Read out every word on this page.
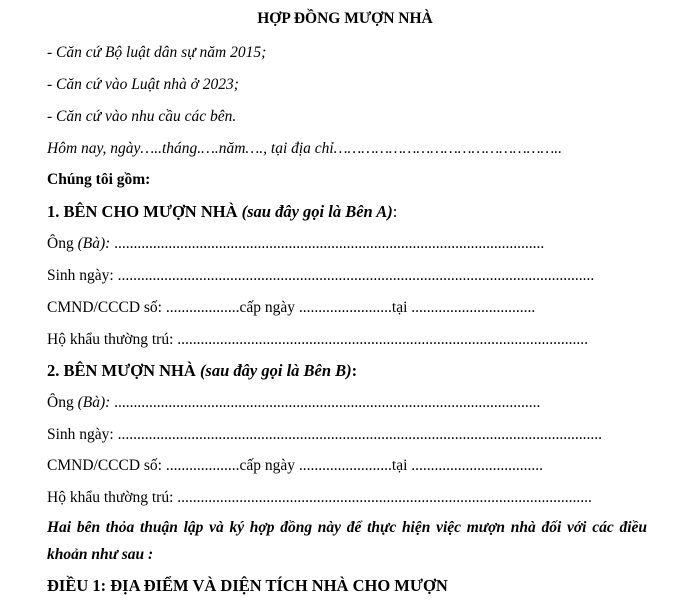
HỢP ĐỒNG MƯỢN NHÀ
- Căn cứ Bộ luật dân sự năm 2015;
- Căn cứ vào Luật nhà ở 2023;
- Căn cứ vào nhu cầu các bên.
Hôm nay, ngày…..tháng.….năm…., tại địa chỉ…………………………………………..
Chúng tôi gồm:
1. BÊN CHO MƯỢN NHÀ (sau đây gọi là Bên A):
Ông (Bà): ...............................................................................................................
Sinh ngày: ...........................................................................................................................
CMND/CCCD số: ...................cấp ngày ........................tại ................................
Hộ khẩu thường trú: ..........................................................................................................
2. BÊN MƯỢN NHÀ (sau đây gọi là Bên B):
Ông (Bà): ..............................................................................................................
Sinh ngày: .............................................................................................................................
CMND/CCCD số: ...................cấp ngày ........................tại ..................................
Hộ khẩu thường trú: ...........................................................................................................
Hai bên thỏa thuận lập và ký hợp đồng này để thực hiện việc mượn nhà đối với các điều khoản như sau :
ĐIỀU 1: ĐỊA ĐIỂM VÀ DIỆN TÍCH NHÀ CHO MƯỢN
